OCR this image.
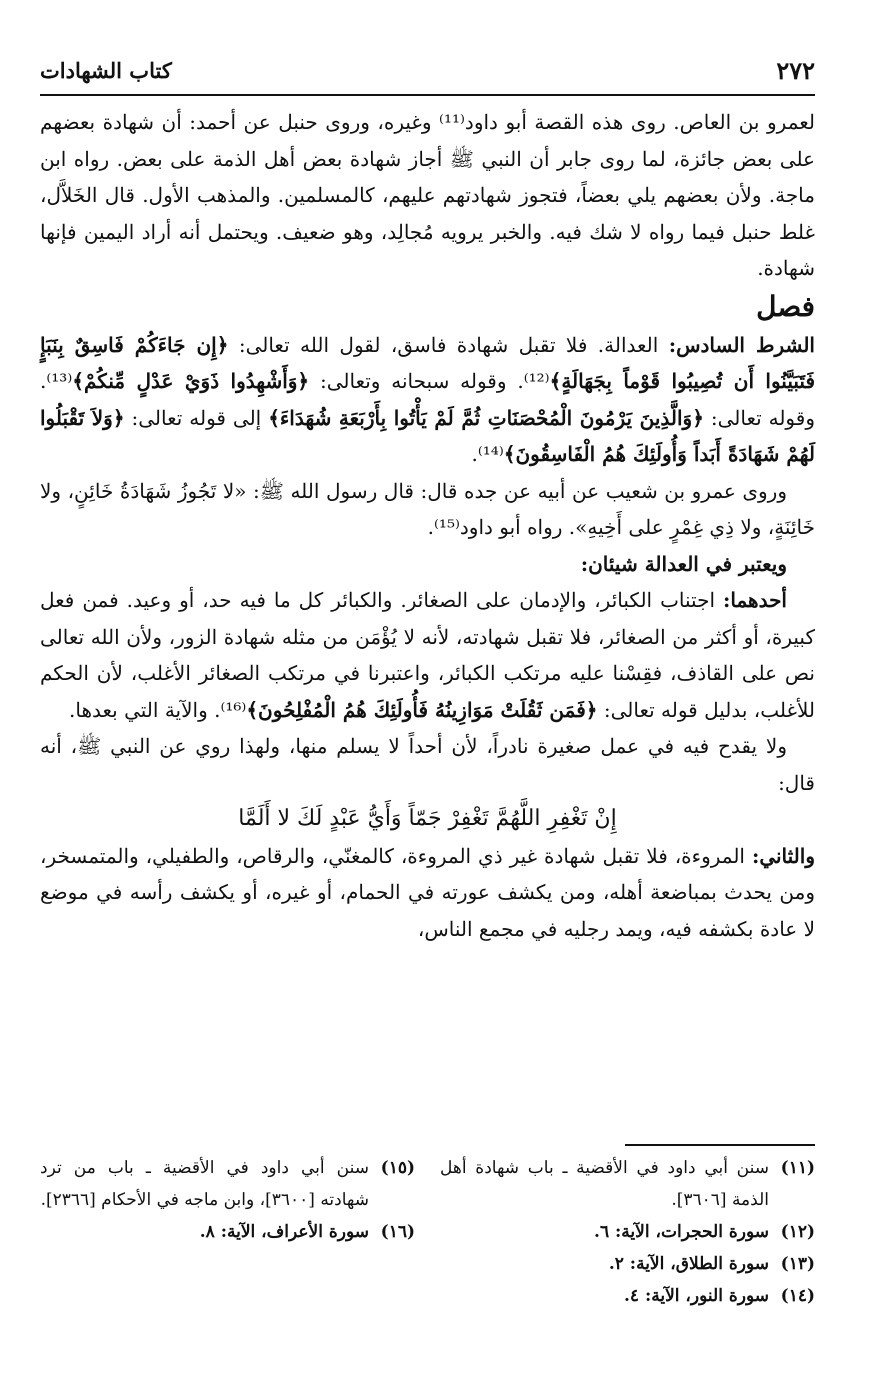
٢٧٢
كتاب الشهادات

لعمرو بن العاص. روى هذه القصة أبو داود⁽¹¹⁾ وغيره، وروى حنبل عن أحمد: أن شهادة بعضهم على بعض جائزة، لما روى جابر أن النبي ﷺ أجاز شهادة بعض أهل الذمة على بعض. رواه ابن ماجة. ولأن بعضهم يلي بعضاً، فتجوز شهادتهم عليهم، كالمسلمين. والمذهب الأول. قال الخَلاَّل، غلط حنبل فيما رواه لا شك فيه. والخبر يرويه مُجالِد، وهو ضعيف. ويحتمل أنه أراد اليمين فإنها شهادة.

فصل

الشرط السادس: العدالة. فلا تقبل شهادة فاسق، لقول الله تعالى: ﴿إِن جَاءَكُمْ فَاسِقٌ بِنَبَإٍ فَتَبَيَّنُوا أَن تُصِيبُوا قَوْماً بِجَهَالَةٍ﴾⁽¹²⁾. وقوله سبحانه وتعالى: ﴿وَأَشْهِدُوا ذَوَيْ عَدْلٍ مِّنكُمْ﴾⁽¹³⁾. وقوله تعالى: ﴿وَالَّذِينَ يَرْمُونَ الْمُحْصَنَاتِ ثُمَّ لَمْ يَأْتُوا بِأَرْبَعَةِ شُهَدَاءَ﴾ إلى قوله تعالى: ﴿وَلاَ تَقْبَلُوا لَهُمْ شَهَادَةً أَبَداً وَأُولَئِكَ هُمُ الْفَاسِقُونَ﴾⁽¹⁴⁾.

وروى عمرو بن شعيب عن أبيه عن جده قال: قال رسول الله ﷺ: «لا تَجُوزُ شَهَادَةُ خَائِنٍ، ولا خَائِنَةٍ، ولا ذِي غِمْرٍ على أَخِيهِ». رواه أبو داود⁽¹⁵⁾.

ويعتبر في العدالة شيئان:

أحدهما: اجتناب الكبائر، والإدمان على الصغائر. والكبائر كل ما فيه حد، أو وعيد. فمن فعل كبيرة، أو أكثر من الصغائر، فلا تقبل شهادته، لأنه لا يُؤْمَن من مثله شهادة الزور، ولأن الله تعالى نص على القاذف، فقِسْنا عليه مرتكب الكبائر، واعتبرنا في مرتكب الصغائر الأغلب، لأن الحكم للأغلب، بدليل قوله تعالى: ﴿فَمَن ثَقُلَتْ مَوَازِينُهُ فَأُولَئِكَ هُمُ الْمُفْلِحُونَ﴾⁽¹⁶⁾. والآية التي بعدها.

ولا يقدح فيه في عمل صغيرة نادراً، لأن أحداً لا يسلم منها، ولهذا روي عن النبي ﷺ، أنه قال:

إِنْ تَغْفِرِ اللَّهُمَّ تَغْفِرْ جَمّاً وَأَيُّ عَبْدٍ لَكَ لا أَلَمَّا

والثاني: المروءة، فلا تقبل شهادة غير ذي المروءة، كالمغنّي، والرقاص، والطفيلي، والمتمسخر، ومن يحدث بمباضعة أهله، ومن يكشف عورته في الحمام، أو غيره، أو يكشف رأسه في موضع لا عادة بكشفه فيه، ويمد رجليه في مجمع الناس،

(١١)
سنن أبي داود في الأقضية ـ باب شهادة أهل الذمة [٣٦٠٦].

(١٢)
سورة الحجرات، الآية: ٦.

(١٣)
سورة الطلاق، الآية: ٢.

(١٤)
سورة النور، الآية: ٤.

(١٥)
سنن أبي داود في الأقضية ـ باب من ترد شهادته [٣٦٠٠]، وابن ماجه في الأحكام [٢٣٦٦].

(١٦)
سورة الأعراف، الآية: ٨.
